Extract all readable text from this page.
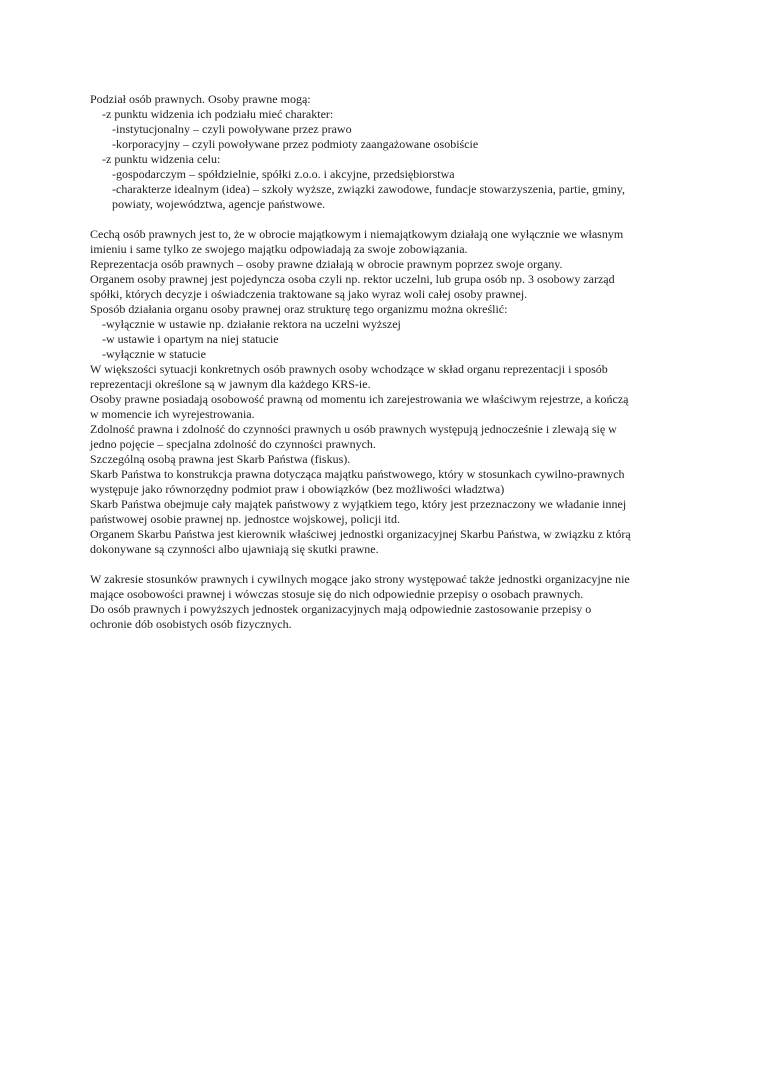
Podział osób prawnych. Osoby prawne mogą:
-z punktu widzenia ich podziału mieć charakter:
-instytucjonalny – czyli powoływane przez prawo
-korporacyjny – czyli powoływane przez podmioty zaangażowane osobiście
-z punktu widzenia celu:
-gospodarczym – spółdzielnie, spółki z.o.o. i akcyjne, przedsiębiorstwa
-charakterze idealnym (idea) – szkoły wyższe, związki zawodowe, fundacje stowarzyszenia, partie, gminy,
powiaty, województwa, agencje państwowe.
Cechą osób prawnych jest to, że w obrocie majątkowym i niemajątkowym działają one wyłącznie we własnym
imieniu i same tylko ze swojego majątku odpowiadają za swoje zobowiązania.
Reprezentacja osób prawnych – osoby prawne działają w obrocie prawnym poprzez swoje organy.
Organem osoby prawnej jest pojedyncza osoba czyli np. rektor uczelni, lub grupa osób np. 3 osobowy zarząd
spółki, których decyzje i oświadczenia traktowane są jako wyraz woli całej osoby prawnej.
Sposób działania organu osoby prawnej oraz strukturę tego organizmu można określić:
-wyłącznie w ustawie np. działanie rektora na uczelni wyższej
-w ustawie i opartym na niej statucie
-wyłącznie w statucie
W większości sytuacji konkretnych osób prawnych osoby wchodzące w skład organu reprezentacji i sposób
reprezentacji określone są w jawnym dla każdego KRS-ie.
Osoby prawne posiadają osobowość prawną od momentu ich zarejestrowania we właściwym rejestrze, a kończą
w momencie ich wyrejestrowania.
Zdolność prawna i zdolność do czynności prawnych u osób prawnych występują jednocześnie i zlewają się w
jedno pojęcie – specjalna zdolność do czynności prawnych.
Szczególną osobą prawna jest Skarb Państwa (fiskus).
Skarb Państwa to konstrukcja prawna dotycząca majątku państwowego, który w stosunkach cywilno-prawnych
występuje jako równorzędny podmiot praw i obowiązków (bez możliwości władztwa)
Skarb Państwa obejmuje cały majątek państwowy z wyjątkiem tego, który jest przeznaczony we władanie innej
państwowej osobie prawnej np. jednostce wojskowej, policji itd.
Organem Skarbu Państwa jest kierownik właściwej jednostki organizacyjnej Skarbu Państwa, w związku z którą
dokonywane są czynności albo ujawniają się skutki prawne.
W zakresie stosunków prawnych i cywilnych mogące jako strony występować także jednostki organizacyjne nie
mające osobowości prawnej i wówczas stosuje się do nich odpowiednie przepisy o osobach prawnych.
Do osób prawnych i powyższych jednostek organizacyjnych mają odpowiednie zastosowanie przepisy o
ochronie dób osobistych osób fizycznych.
